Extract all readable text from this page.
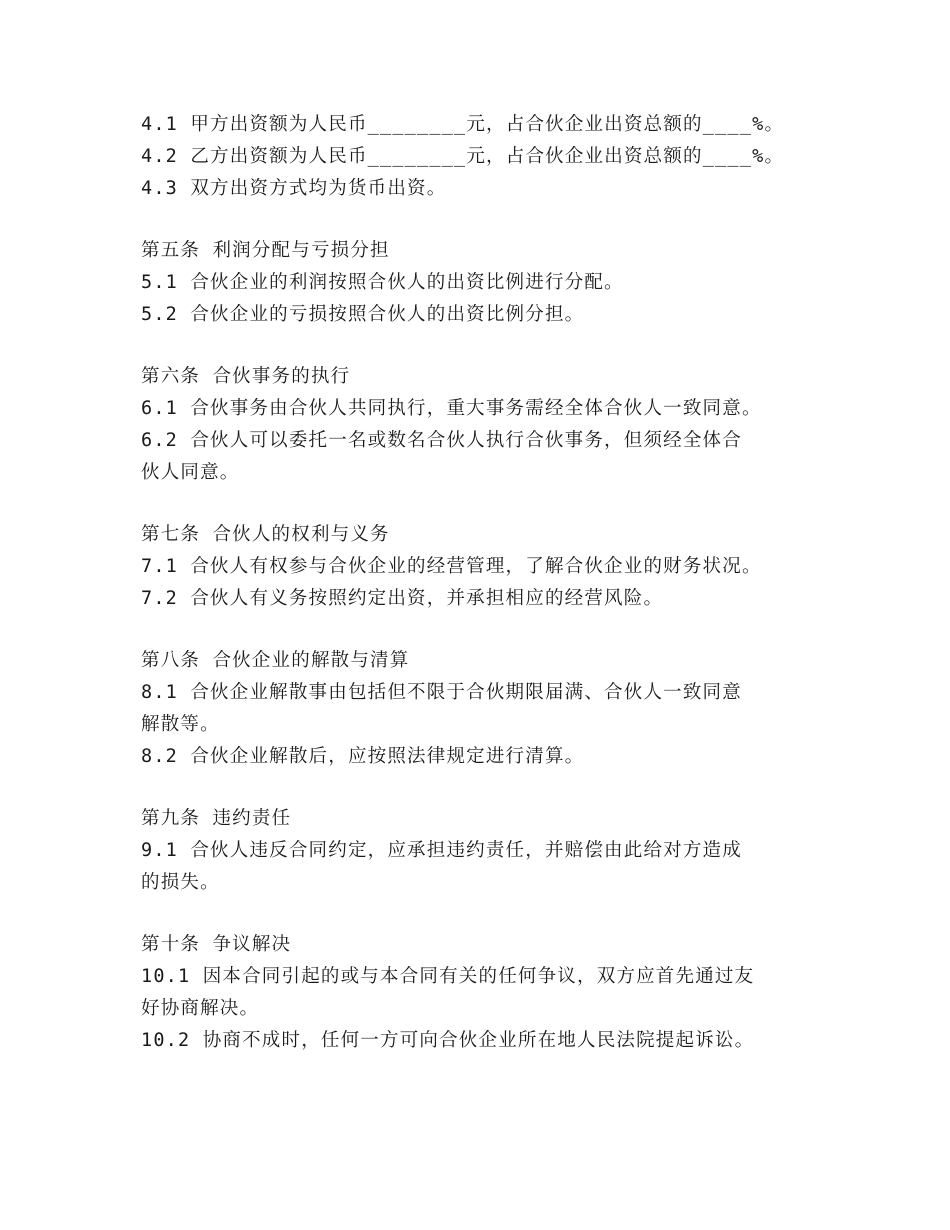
4.1 甲方出资额为人民币________元，占合伙企业出资总额的____%。
4.2 乙方出资额为人民币________元，占合伙企业出资总额的____%。
4.3 双方出资方式均为货币出资。
第五条 利润分配与亏损分担
5.1 合伙企业的利润按照合伙人的出资比例进行分配。
5.2 合伙企业的亏损按照合伙人的出资比例分担。
第六条 合伙事务的执行
6.1 合伙事务由合伙人共同执行，重大事务需经全体合伙人一致同意。
6.2 合伙人可以委托一名或数名合伙人执行合伙事务，但须经全体合
伙人同意。
第七条 合伙人的权利与义务
7.1 合伙人有权参与合伙企业的经营管理，了解合伙企业的财务状况。
7.2 合伙人有义务按照约定出资，并承担相应的经营风险。
第八条 合伙企业的解散与清算
8.1 合伙企业解散事由包括但不限于合伙期限届满、合伙人一致同意
解散等。
8.2 合伙企业解散后，应按照法律规定进行清算。
第九条 违约责任
9.1 合伙人违反合同约定，应承担违约责任，并赔偿由此给对方造成
的损失。
第十条 争议解决
10.1 因本合同引起的或与本合同有关的任何争议，双方应首先通过友
好协商解决。
10.2 协商不成时，任何一方可向合伙企业所在地人民法院提起诉讼。
